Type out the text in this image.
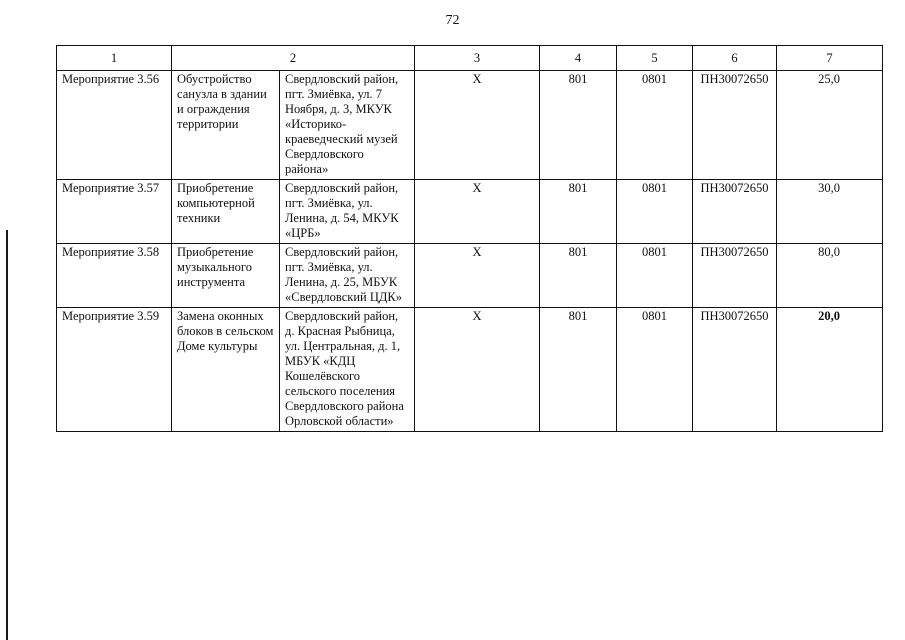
72
1	2		3	4	5	6	7
Мероприятие 3.56	Обустройство санузла в здании и ограждения территории	Свердловский район, пгт. Змиёвка, ул. 7 Ноября, д. 3, МКУК «Историко-краеведческий музей Свердловского района»	Х	801	0801	ПН30072650	25,0
Мероприятие 3.57	Приобретение компьютерной техники	Свердловский район, пгт. Змиёвка, ул. Ленина, д. 54, МКУК «ЦРБ»	Х	801	0801	ПН30072650	30,0
Мероприятие 3.58	Приобретение музыкального инструмента	Свердловский район, пгт. Змиёвка, ул. Ленина, д. 25, МБУК «Свердловский ЦДК»	Х	801	0801	ПН30072650	80,0
Мероприятие 3.59	Замена оконных блоков в сельском Доме культуры	Свердловский район, д. Красная Рыбница, ул. Центральная, д. 1, МБУК «КДЦ Кошелёвского сельского поселения Свердловского района Орловской области»	Х	801	0801	ПН30072650	20,0
